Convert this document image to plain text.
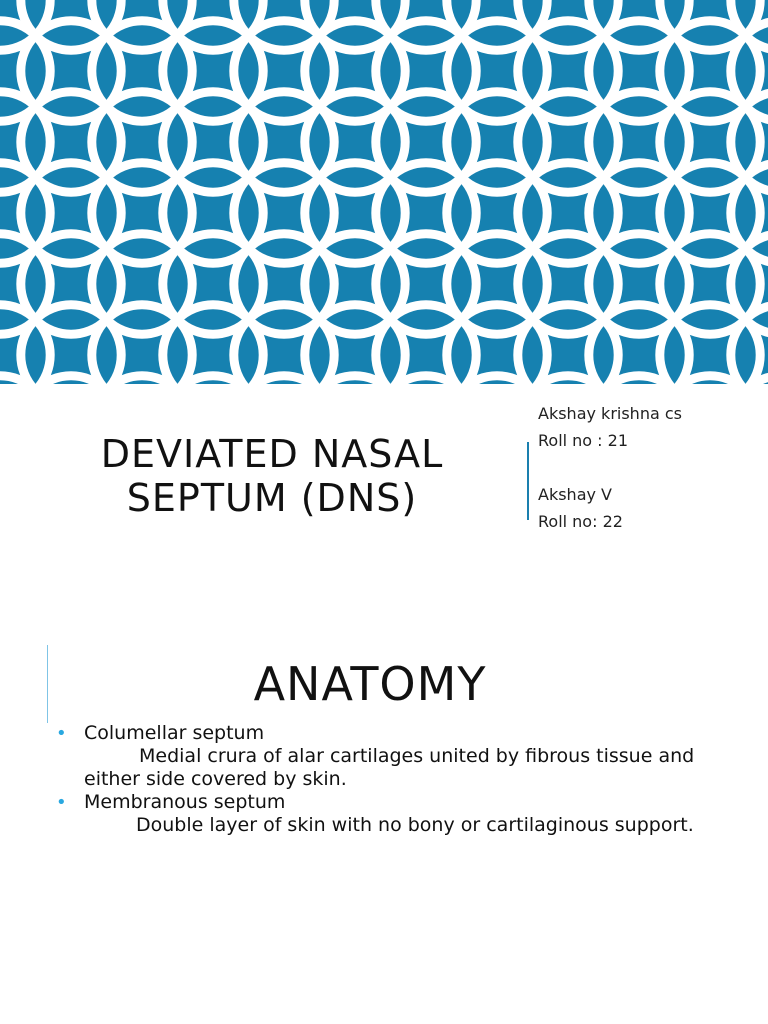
DEVIATED NASAL
SEPTUM (DNS)
Akshay krishna cs
Roll no : 21
Akshay V
Roll no: 22
ANATOMY
• Columellar septum

Medial crura of alar cartilages united by fibrous tissue and either side covered by skin.

• Membranous septum

Double layer of skin with no bony or cartilaginous support.
